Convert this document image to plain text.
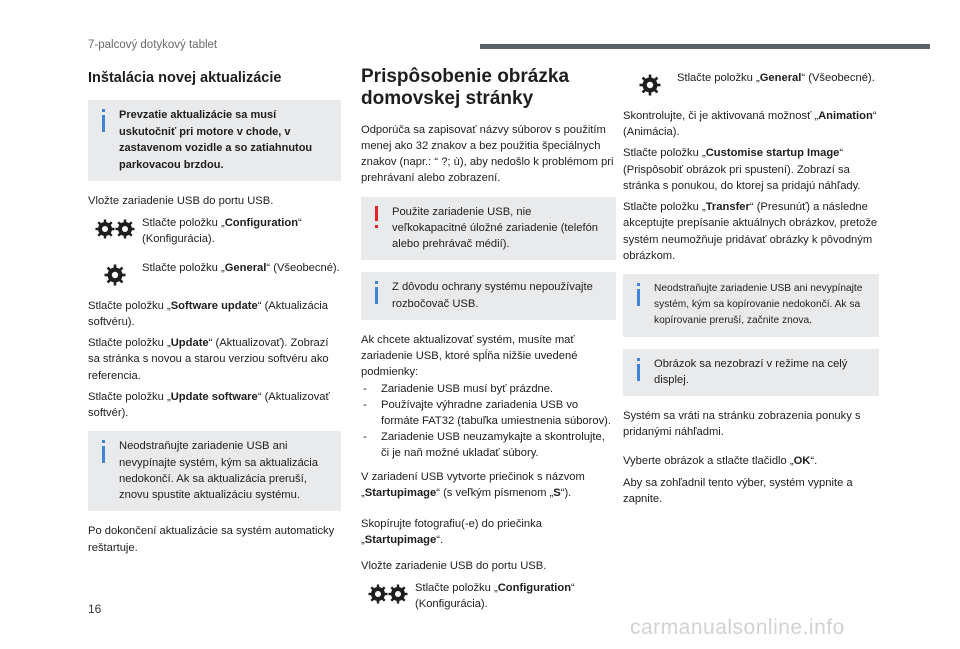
7-palcový dotykový tablet
Inštalácia novej aktualizácie

Prevzatie aktualizácie sa musí uskutočniť pri motore v chode, v zastavenom vozidle a so zatiahnutou parkovacou brzdou.

Vložte zariadenie USB do portu USB.

Stlačte položku „Configuration“ (Konfigurácia).

Stlačte položku „General“ (Všeobecné).

Stlačte položku „Software update“ (Aktualizácia softvéru).

Stlačte položku „Update“ (Aktualizovať). Zobrazí sa stránka s novou a starou verziou softvéru ako referencia.

Stlačte položku „Update software“ (Aktualizovať softvér).

Neodstraňujte zariadenie USB ani nevypínajte systém, kým sa aktualizácia nedokončí. Ak sa aktualizácia preruší, znovu spustite aktualizáciu systému.

Po dokončení aktualizácie sa systém automaticky reštartuje.

Prispôsobenie obrázka domovskej stránky

Odporúča sa zapisovať názvy súborov s použitím menej ako 32 znakov a bez použitia špeciálnych znakov (napr.: “ ?; ù), aby nedošlo k problémom pri prehrávaní alebo zobrazení.

Použite zariadenie USB, nie veľkokapacitné úložné zariadenie (telefón alebo prehrávač médií).

Z dôvodu ochrany systému nepoužívajte rozbočovač USB.

Ak chcete aktualizovať systém, musíte mať zariadenie USB, ktoré spĺňa nižšie uvedené podmienky:

- Zariadenie USB musí byť prázdne.
- Používajte výhradne zariadenia USB vo formáte FAT32 (tabuľka umiestnenia súborov).
- Zariadenie USB neuzamykajte a skontrolujte, či je naň možné ukladať súbory.

V zariadení USB vytvorte priečinok s názvom „Startupimage“ (s veľkým písmenom „S“).

Skopírujte fotografiu(-e) do priečinka „Startupimage“.

Vložte zariadenie USB do portu USB.

Stlačte položku „Configuration“ (Konfigurácia).

Stlačte položku „General“ (Všeobecné).

Skontrolujte, či je aktivovaná možnosť „Animation“ (Animácia).

Stlačte položku „Customise startup Image“ (Prispôsobiť obrázok pri spustení). Zobrazí sa stránka s ponukou, do ktorej sa pridajú náhľady.

Stlačte položku „Transfer“ (Presunúť) a následne akceptujte prepísanie aktuálnych obrázkov, pretože systém neumožňuje pridávať obrázky k pôvodným obrázkom.

Neodstraňujte zariadenie USB ani nevypínajte systém, kým sa kopírovanie nedokončí. Ak sa kopírovanie preruší, začnite znova.

Obrázok sa nezobrazí v režime na celý displej.

Systém sa vráti na stránku zobrazenia ponuky s pridanými náhľadmi.

Vyberte obrázok a stlačte tlačidlo „OK“.

Aby sa zohľadnil tento výber, systém vypnite a zapnite.

16
carmanualsonline.info
